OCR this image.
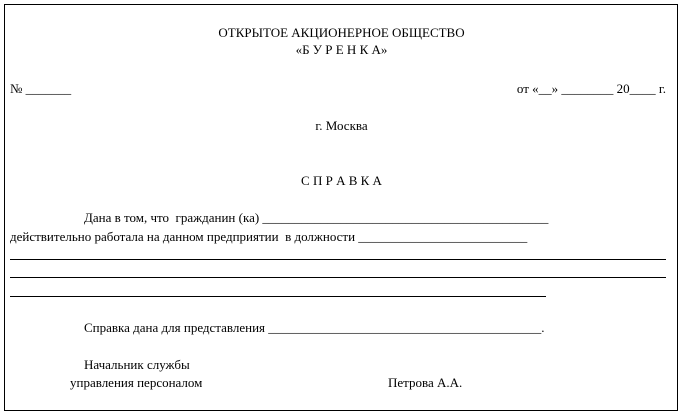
ОТКРЫТОЕ АКЦИОНЕРНОЕ ОБЩЕСТВО
«Б У Р Е Н К А»
№ _______	от «__» ________ 20____ г.
г. Москва
С П Р А В К А
Дана в том, что  гражданин (ка) ____________________________________________
действительно работала на данном предприятии  в должности __________________________
Справка дана для представления __________________________________________.
Начальник службы
управления персоналом	Петрова А.А.
